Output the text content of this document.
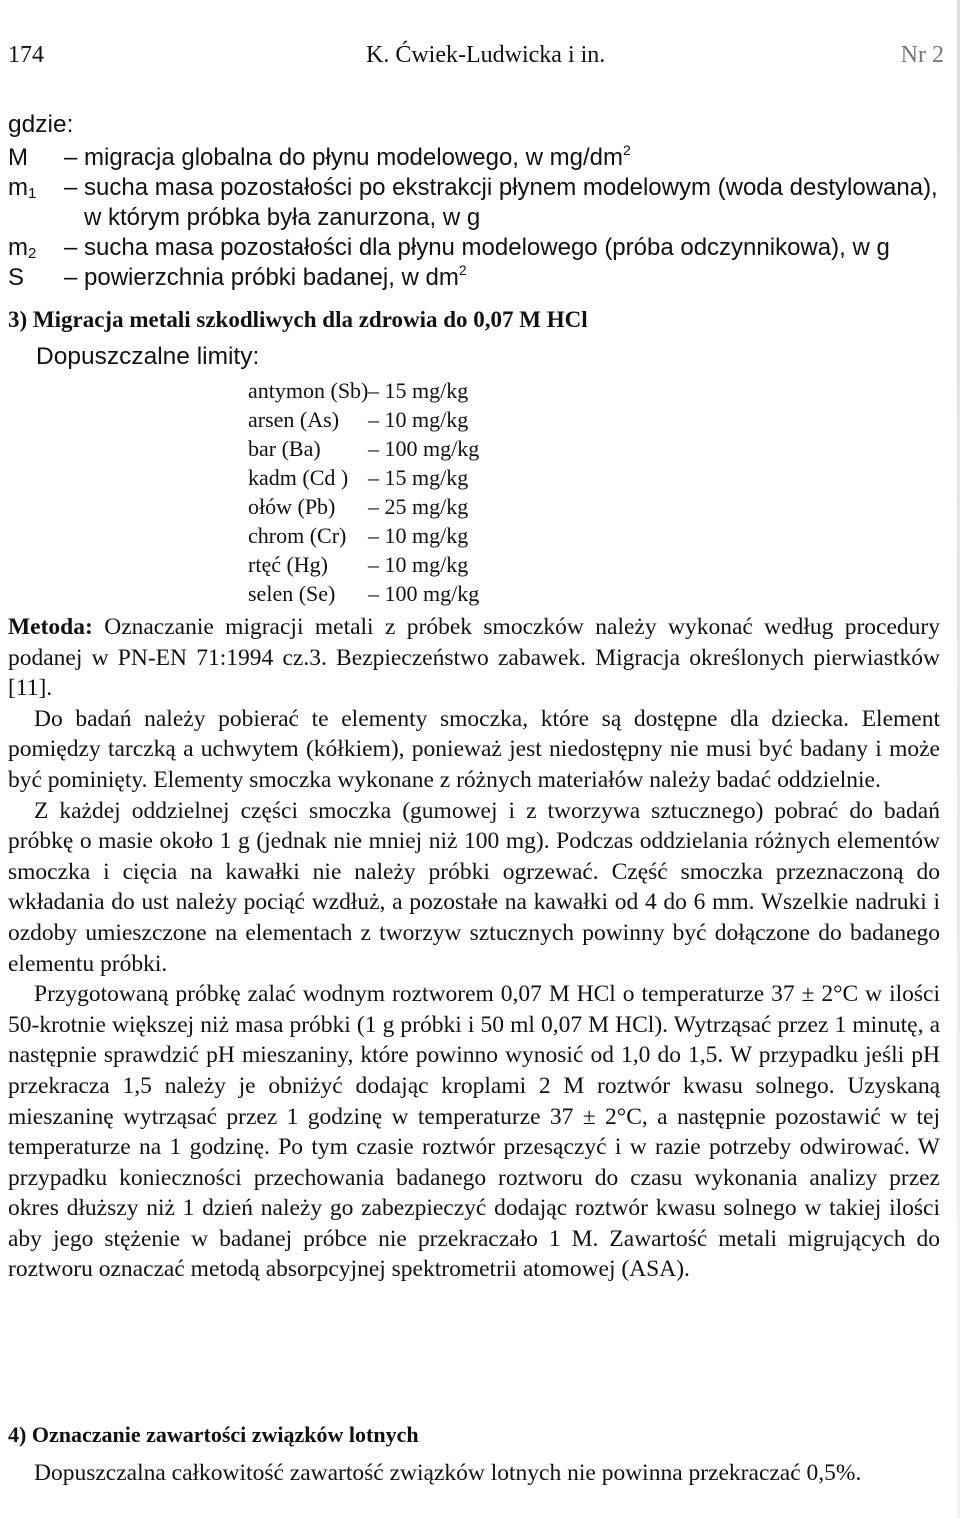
174	K. Ćwiek-Ludwicka i in.	Nr 2
gdzie:
M – migracja globalna do płynu modelowego, w $mg/dm^2$
$m_1$ – sucha masa pozostałości po ekstrakcji płynem modelowym (woda destylowana),
w którym próbka była zanurzona, w g
$m_2$ – sucha masa pozostałości dla płynu modelowego (próba odczynnikowa), w g
S – powierzchnia próbki badanej, w $dm^2$
3) Migracja metali szkodliwych dla zdrowia do 0,07 M HCl
Dopuszczalne limity:
antymon (Sb) – 15 mg/kg
arsen (As) – 10 mg/kg
bar (Ba) – 100 mg/kg
kadm (Cd ) – 15 mg/kg
ołów (Pb) – 25 mg/kg
chrom (Cr) – 10 mg/kg
rtęć (Hg) – 10 mg/kg
selen (Se) – 100 mg/kg

Metoda: Oznaczanie migracji metali z próbek smoczków należy wykonać według procedury podanej w PN-EN 71:1994 cz.3. Bezpieczeństwo zabawek. Migracja określonych pierwiastków [11].

Do badań należy pobierać te elementy smoczka, które są dostępne dla dziecka. Element pomiędzy tarczką a uchwytem (kółkiem), ponieważ jest niedostępny nie musi być badany i może być pominięty. Elementy smoczka wykonane z różnych materiałów należy badać oddzielnie.

Z każdej oddzielnej części smoczka (gumowej i z tworzywa sztucznego) pobrać do badań próbkę o masie około 1 g (jednak nie mniej niż 100 mg). Podczas oddzielania różnych elementów smoczka i cięcia na kawałki nie należy próbki ogrzewać. Część smoczka przeznaczoną do wkładania do ust należy pociąć wzdłuż, a pozostałe na kawałki od 4 do 6 mm. Wszelkie nadruki i ozdoby umieszczone na elementach z tworzyw sztucznych powinny być dołączone do badanego elementu próbki.

Przygotowaną próbkę zalać wodnym roztworem 0,07 M HCl o temperaturze 37 ± 2°C w ilości 50-krotnie większej niż masa próbki (1 g próbki i 50 ml 0,07 M HCl). Wytrząsać przez 1 minutę, a następnie sprawdzić pH mieszaniny, które powinno wynosić od 1,0 do 1,5. W przypadku jeśli pH przekracza 1,5 należy je obniżyć dodając kroplami 2 M roztwór kwasu solnego. Uzyskaną mieszaninę wytrząsać przez 1 godzinę w temperaturze 37 ± 2°C, a następnie pozostawić w tej temperaturze na 1 godzinę. Po tym czasie roztwór przesączyć i w razie potrzeby odwirować. W przypadku konieczności przechowania badanego roztworu do czasu wykonania analizy przez okres dłuższy niż 1 dzień należy go zabezpieczyć dodając roztwór kwasu solnego w takiej ilości aby jego stężenie w badanej próbce nie przekraczało 1 M. Zawartość metali migrujących do roztworu oznaczać metodą absorpcyjnej spektrometrii atomowej (ASA).

4) Oznaczanie zawartości związków lotnych

Dopuszczalna całkowitość zawartość związków lotnych nie powinna przekraczać 0,5%.
